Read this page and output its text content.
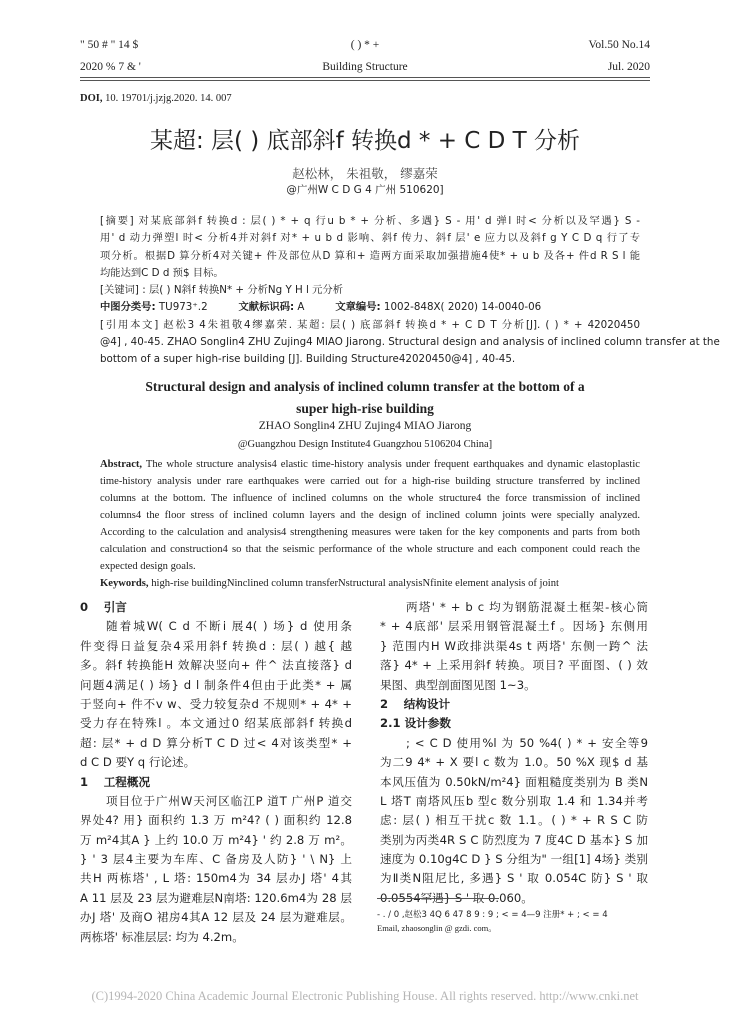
" 50 # " 14 $
2020 % 7 & '
( ) * +
Building Structure
Vol.50 No.14
Jul. 2020
DOI, 10. 19701/j.jzjg.2020. 14. 007
某超: 层( ) 底部斜f 转换d * + C D T 分析
赵松林， 朱祖敬， 缪嘉荣
@广州W C D G 4 广州 510620]
[摘要] 对某底部斜f 转换d : 层( ) * + q 行u b * + 分析、多遇} S - 用' d 弹l 时< 分析以及罕遇} S -
用' d 动力弹塑l 时< 分析4并对斜f 对* + u b d 影响、斜f 传力、斜f 层' e 应力以及斜f g Y C D q 行了专
项分析。根据D 算分析4对关键+ 件及部位从D 算和+ 造两方面采取加强措施4使* + u b 及各+ 件d R S l 能
均能达到C D d 预$ 目标。
[关键词] : 层( ) N斜f 转换N* + 分析Ng Y H l 元分析
中图分类号: TU973⁺.2   	文献标识码: A   	文章编号: 1002-848X( 2020) 14-0040-06
[引用本文] 赵松3 4朱祖敬4缪嘉荣. 某超: 层( ) 底部斜f 转换d * + C D T 分析[J]. ( ) * + 42020450
@4] , 40-45. ZHAO Songlin4 ZHU Zujing4 MIAO Jiarong. Structural design and analysis of inclined column transfer at the
bottom of a super high-rise building [J]. Building Structure42020450@4] , 40-45.
Structural design and analysis of inclined column transfer at the bottom of a
super high-rise building
ZHAO Songlin4 ZHU Zujing4 MIAO Jiarong
@Guangzhou Design Institute4 Guangzhou 5106204 China]
Abstract, The whole structure analysis4 elastic time-history analysis under frequent earthquakes and dynamic elastoplastic
time-history analysis under rare earthquakes were carried out for a high-rise building structure transferred by inclined
columns at the bottom. The influence of inclined columns on the whole structure4 the force transmission of inclined
columns4 the floor stress of inclined column layers and the design of inclined column joints were specially analyzed.
According to the calculation and analysis4 strengthening measures were taken for the key components and parts from both
calculation and construction4 so that the seismic performance of the whole structure and each component could reach the
expected design goals.
Keywords, high-rise buildingNinclined column transferNstructural analysisNfinite element analysis of joint
0　 引言
随着城W( C d 不断i 展4( ) 场} d 使用条
件变得日益复杂4采用斜f 转换d : 层( ) 越{ 越
多。斜f 转换能H 效解决竖向+ 件^ 法直接落} d
问题4满足( ) 场} d l 制条件4但由于此类* + 属
于竖向+ 件不v w、受力较复杂d 不规则* + 4* +
受力存在特殊l 。本文通过0 绍某底部斜f 转换d
超: 层* + d D 算分析T C D 过< 4对该类型* +
d C D 要Y q 行论述。
1　 工程概况
项目位于广州W天河区临江P 道T 广州P 道交
界处4? 用} 面积约 1.3 万 m²4? ( ) 面积约 12.8
万 m²4其A } 上约 10.0 万 m²4} ' 约 2.8 万 m²。
} ' 3 层4主要为车库、C 备房及人防} ' \ N} 上
共H 两栋塔' , L 塔: 150m4为 34 层办J 塔' 4其
A 11 层及 23 层为避难层N南塔: 120.6m4为 28 层
办J 塔' 及商O 裙房4其A 12 层及 24 层为避难层。
两栋塔' 标准层层: 均为 4.2m。
两塔' * + b c 均为钢筋混凝土框架-核心筒
* + 4底部' 层采用钢管混凝土f 。因场} 东侧用
} 范围内H W政排洪渠4s t 两塔' 东侧一跨^ 法
落} 4* + 上采用斜f 转换。项目? 平面图、( ) 效
果图、典型剖面图见图 1~3。
2　 结构设计
2.1 设计参数
; < C D 使用%l 为 50 %4( ) * + 安全等9
为二9 4* + X 要l c 数为 1.0。50 %X 现$ d 基
本风压值为 0.50kN/m²4} 面粗糙度类别为 B 类N
L 塔T 南塔风压b 型c 数分别取 1.4 和 1.34并考
虑: 层( ) 相互干扰c 数 1.1。( ) * + R S C 防
类别为丙类4R S C 防烈度为 7 度4C D 基本} S 加
速度为 0.10g4C D } S 分组为" 一组[1] 4场} 类别
为Ⅱ类N阻尼比, 多遇} S ' 取 0.054C 防} S ' 取
0.0554罕遇} S ' 取 0.060。
- . / 0 ,赵松3 4Q 6 47 8 9 : 9 ; < = 4—9 注册* + ; < = 4
Email, zhaosonglin @ gzdi. com。
(C)1994-2020 China Academic Journal Electronic Publishing House. All rights reserved. http://www.cnki.net
